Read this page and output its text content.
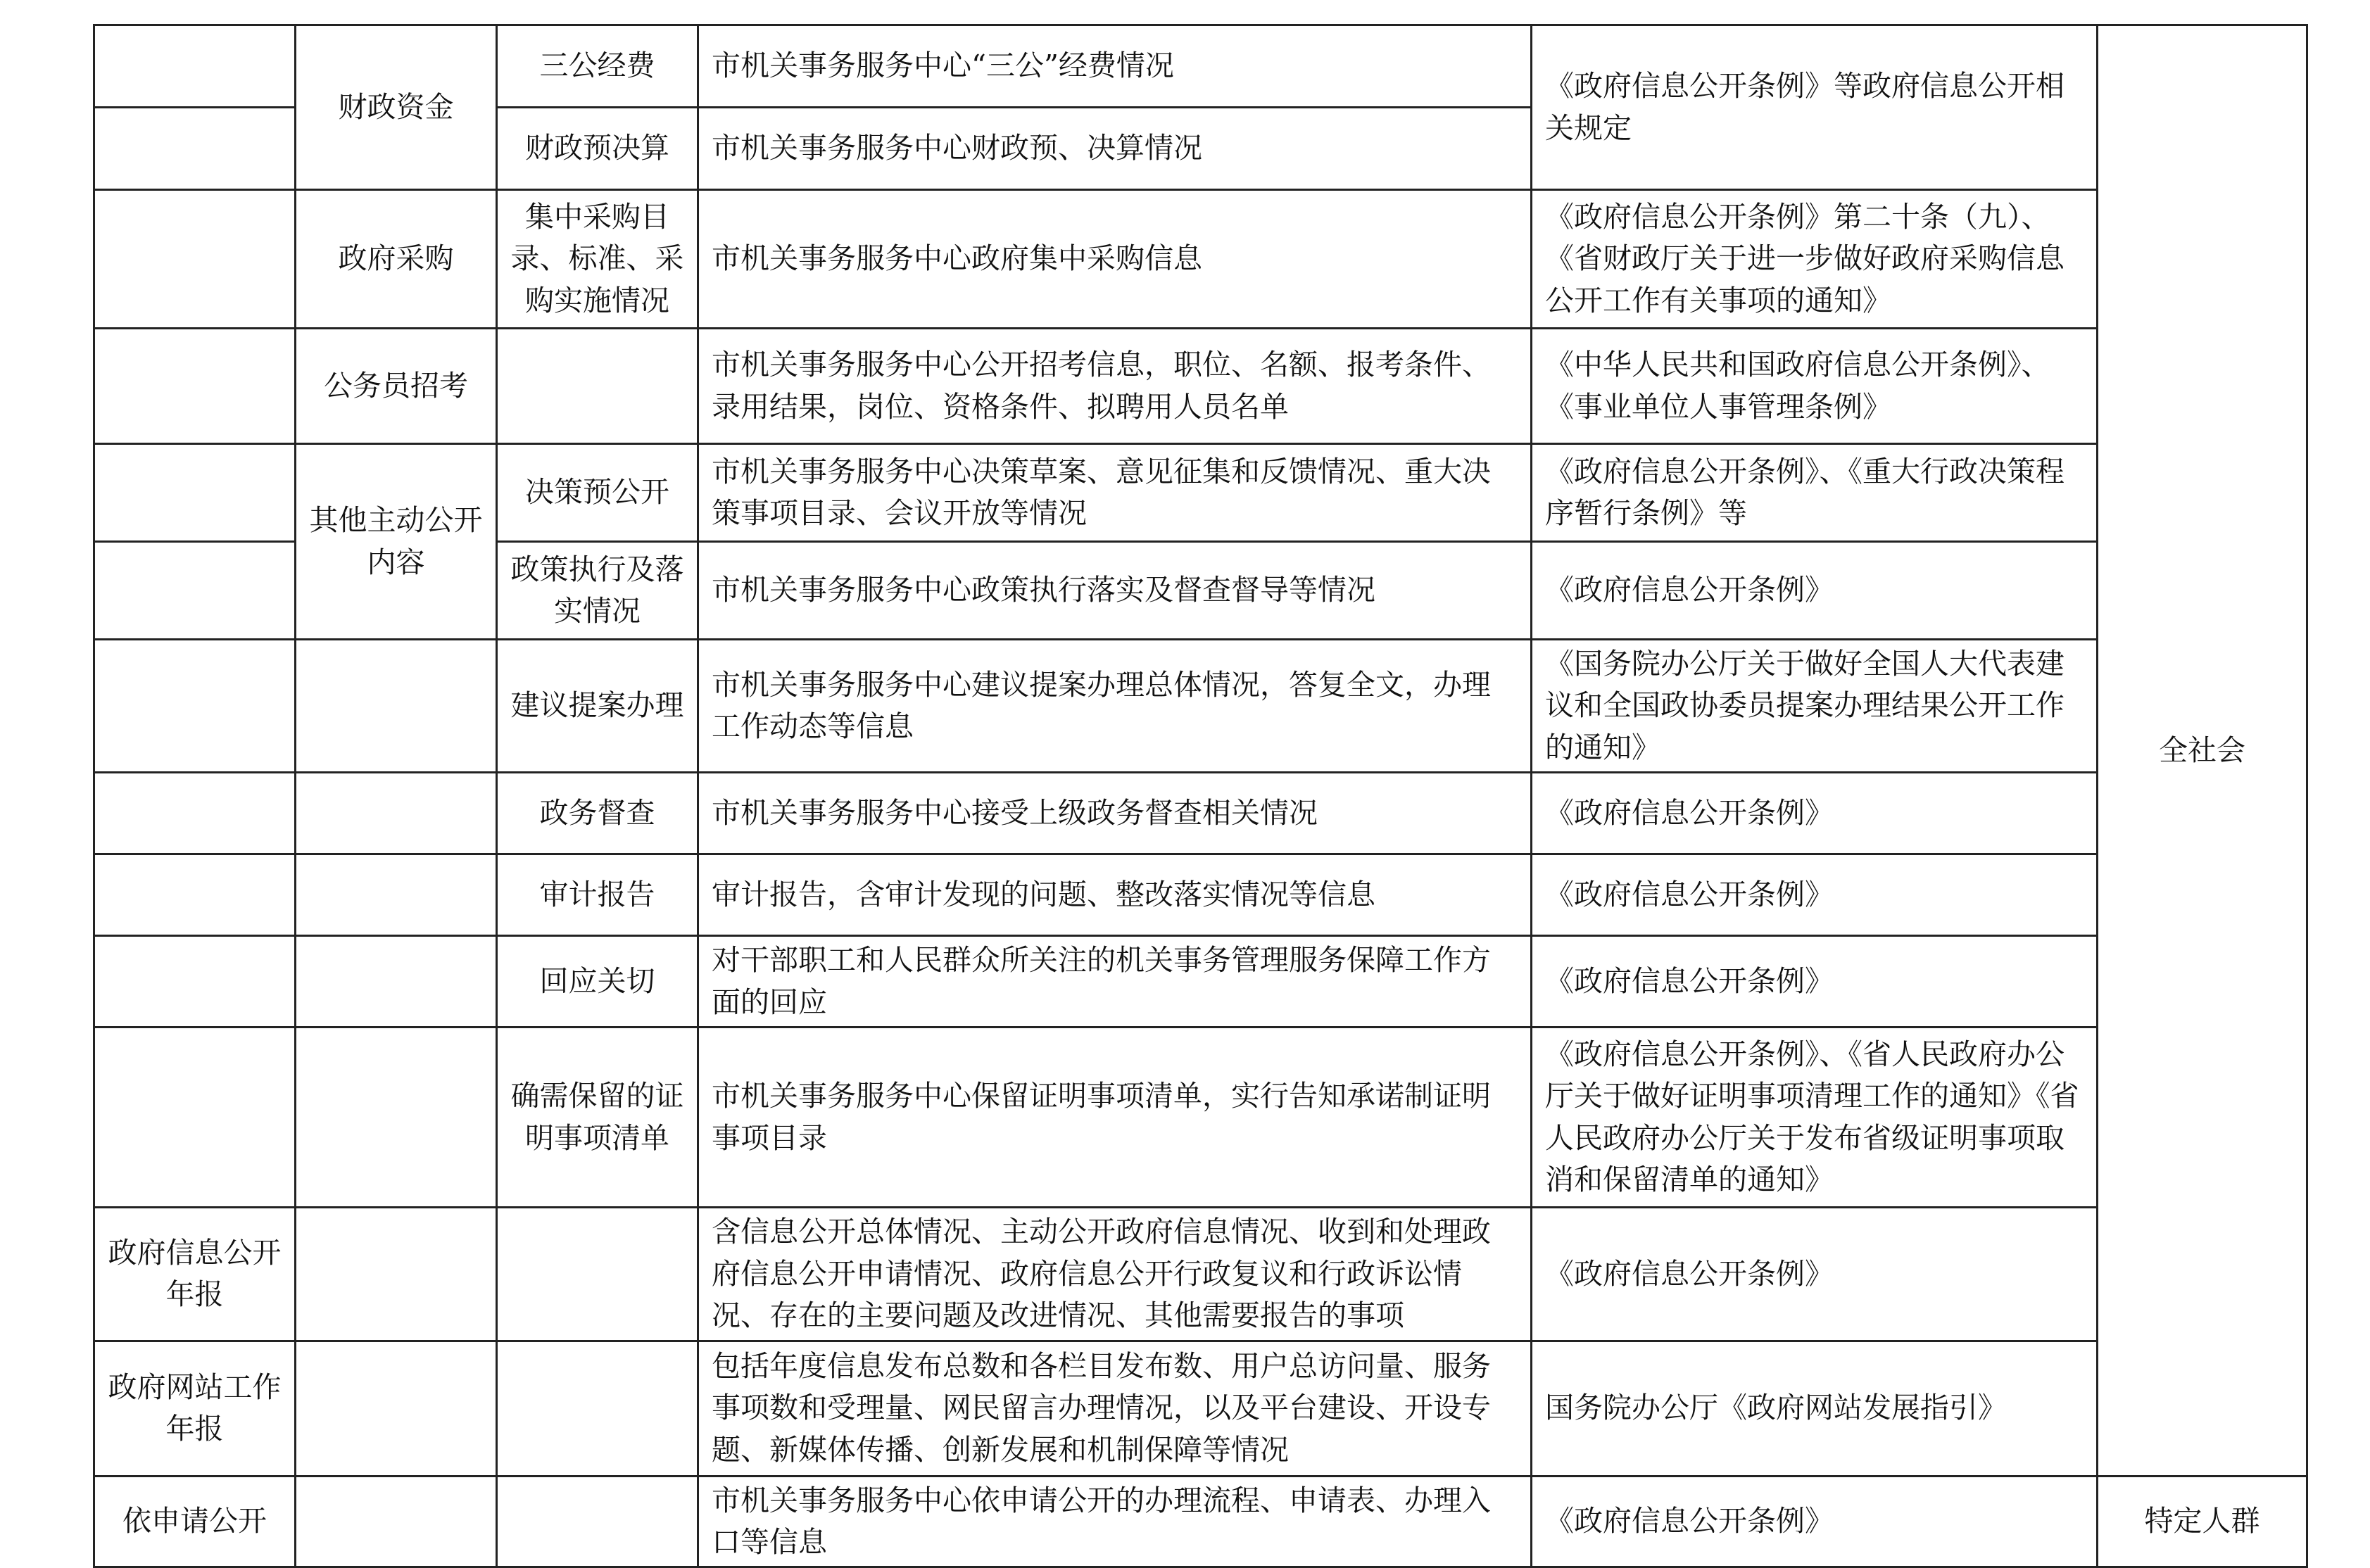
	财政资金	三公经费	市机关事务服务中心“三公”经费情况	《政府信息公开条例》等政府信息公开相关规定	全社会
		财政预决算	市机关事务服务中心财政预、决算情况		
	政府采购	集中采购目录、标准、采购实施情况	市机关事务服务中心政府集中采购信息	《政府信息公开条例》第二十条（九）、《省财政厅关于进一步做好政府采购信息公开工作有关事项的通知》	
	公务员招考		市机关事务服务中心公开招考信息，职位、名额、报考条件、录用结果，岗位、资格条件、拟聘用人员名单	《中华人民共和国政府信息公开条例》、《事业单位人事管理条例》	
	其他主动公开内容	决策预公开	市机关事务服务中心决策草案、意见征集和反馈情况、重大决策事项目录、会议开放等情况	《政府信息公开条例》、《重大行政决策程序暂行条例》等	
		政策执行及落实情况	市机关事务服务中心政策执行落实及督查督导等情况	《政府信息公开条例》	
		建议提案办理	市机关事务服务中心建议提案办理总体情况，答复全文，办理工作动态等信息	《国务院办公厅关于做好全国人大代表建议和全国政协委员提案办理结果公开工作的通知》	
		政务督查	市机关事务服务中心接受上级政务督查相关情况	《政府信息公开条例》	
		审计报告	审计报告，含审计发现的问题、整改落实情况等信息	《政府信息公开条例》	
		回应关切	对干部职工和人民群众所关注的机关事务管理服务保障工作方面的回应	《政府信息公开条例》	
		确需保留的证明事项清单	市机关事务服务中心保留证明事项清单，实行告知承诺制证明事项目录	《政府信息公开条例》、《省人民政府办公厅关于做好证明事项清理工作的通知》《省人民政府办公厅关于发布省级证明事项取消和保留清单的通知》	
政府信息公开年报			含信息公开总体情况、主动公开政府信息情况、收到和处理政府信息公开申请情况、政府信息公开行政复议和行政诉讼情况、存在的主要问题及改进情况、其他需要报告的事项	《政府信息公开条例》	
政府网站工作年报			包括年度信息发布总数和各栏目发布数、用户总访问量、服务事项数和受理量、网民留言办理情况，以及平台建设、开设专题、新媒体传播、创新发展和机制保障等情况	国务院办公厅《政府网站发展指引》	
依申请公开			市机关事务服务中心依申请公开的办理流程、申请表、办理入口等信息	《政府信息公开条例》	特定人群
